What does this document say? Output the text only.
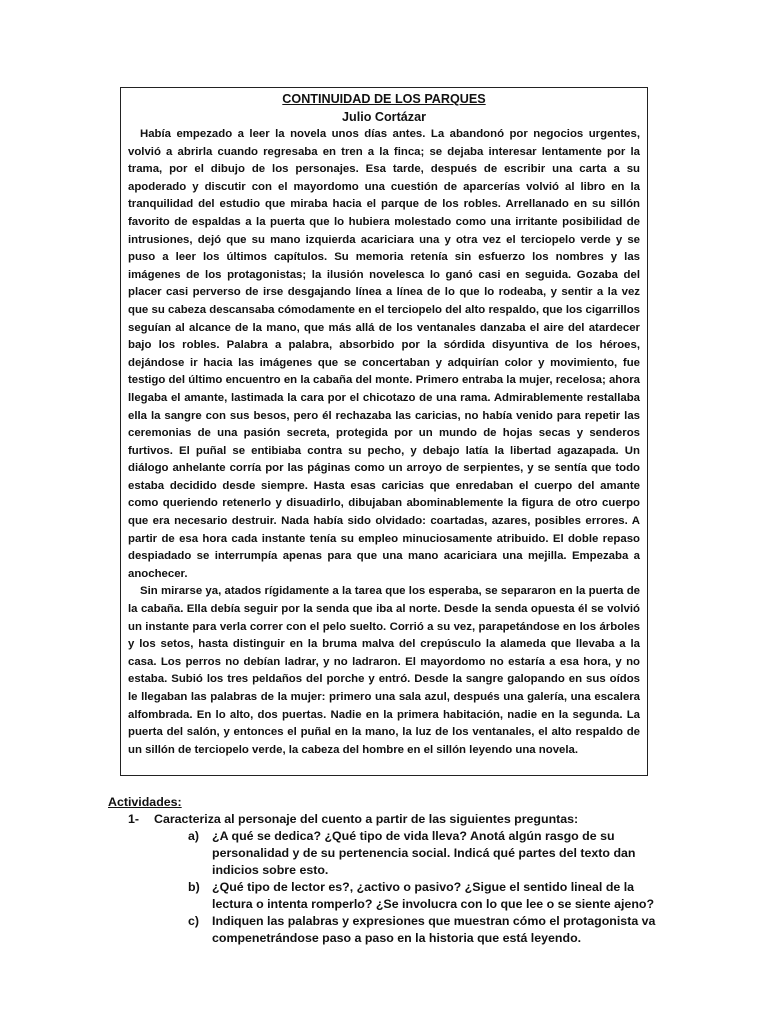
CONTINUIDAD DE LOS PARQUES

Julio Cortázar

Había empezado a leer la novela unos días antes. La abandonó por negocios urgentes, volvió a abrirla cuando regresaba en tren a la finca; se dejaba interesar lentamente por la trama, por el dibujo de los personajes. Esa tarde, después de escribir una carta a su apoderado y discutir con el mayordomo una cuestión de aparcerías volvió al libro en la tranquilidad del estudio que miraba hacia el parque de los robles. Arrellanado en su sillón favorito de espaldas a la puerta que lo hubiera molestado como una irritante posibilidad de intrusiones, dejó que su mano izquierda acariciara una y otra vez el terciopelo verde y se puso a leer los últimos capítulos. Su memoria retenía sin esfuerzo los nombres y las imágenes de los protagonistas; la ilusión novelesca lo ganó casi en seguida. Gozaba del placer casi perverso de irse desgajando línea a línea de lo que lo rodeaba, y sentir a la vez que su cabeza descansaba cómodamente en el terciopelo del alto respaldo, que los cigarrillos seguían al alcance de la mano, que más allá de los ventanales danzaba el aire del atardecer bajo los robles. Palabra a palabra, absorbido por la sórdida disyuntiva de los héroes, dejándose ir hacia las imágenes que se concertaban y adquirían color y movimiento, fue testigo del último encuentro en la cabaña del monte. Primero entraba la mujer, recelosa; ahora llegaba el amante, lastimada la cara por el chicotazo de una rama. Admirablemente restallaba ella la sangre con sus besos, pero él rechazaba las caricias, no había venido para repetir las ceremonias de una pasión secreta, protegida por un mundo de hojas secas y senderos furtivos. El puñal se entibiaba contra su pecho, y debajo latía la libertad agazapada. Un diálogo anhelante corría por las páginas como un arroyo de serpientes, y se sentía que todo estaba decidido desde siempre. Hasta esas caricias que enredaban el cuerpo del amante como queriendo retenerlo y disuadirlo, dibujaban abominablemente la figura de otro cuerpo que era necesario destruir. Nada había sido olvidado: coartadas, azares, posibles errores. A partir de esa hora cada instante tenía su empleo minuciosamente atribuido. El doble repaso despiadado se interrumpía apenas para que una mano acariciara una mejilla. Empezaba a anochecer.

Sin mirarse ya, atados rígidamente a la tarea que los esperaba, se separaron en la puerta de la cabaña. Ella debía seguir por la senda que iba al norte. Desde la senda opuesta él se volvió un instante para verla correr con el pelo suelto. Corrió a su vez, parapetándose en los árboles y los setos, hasta distinguir en la bruma malva del crepúsculo la alameda que llevaba a la casa. Los perros no debían ladrar, y no ladraron. El mayordomo no estaría a esa hora, y no estaba. Subió los tres peldaños del porche y entró. Desde la sangre galopando en sus oídos le llegaban las palabras de la mujer: primero una sala azul, después una galería, una escalera alfombrada. En lo alto, dos puertas. Nadie en la primera habitación, nadie en la segunda. La puerta del salón, y entonces el puñal en la mano, la luz de los ventanales, el alto respaldo de un sillón de terciopelo verde, la cabeza del hombre en el sillón leyendo una novela.

Actividades:

1-	Caracteriza al personaje del cuento a partir de las siguientes preguntas:
a) ¿A qué se dedica? ¿Qué tipo de vida lleva? Anotá algún rasgo de su personalidad y de su pertenencia social. Indicá qué partes del texto dan indicios sobre esto.
b) ¿Qué tipo de lector es?, ¿activo o pasivo? ¿Sigue el sentido lineal de la lectura o intenta romperlo? ¿Se involucra con lo que lee o se siente ajeno?
c) Indiquen las palabras y expresiones que muestran cómo el protagonista va compenetrándose paso a paso en la historia que está leyendo.
